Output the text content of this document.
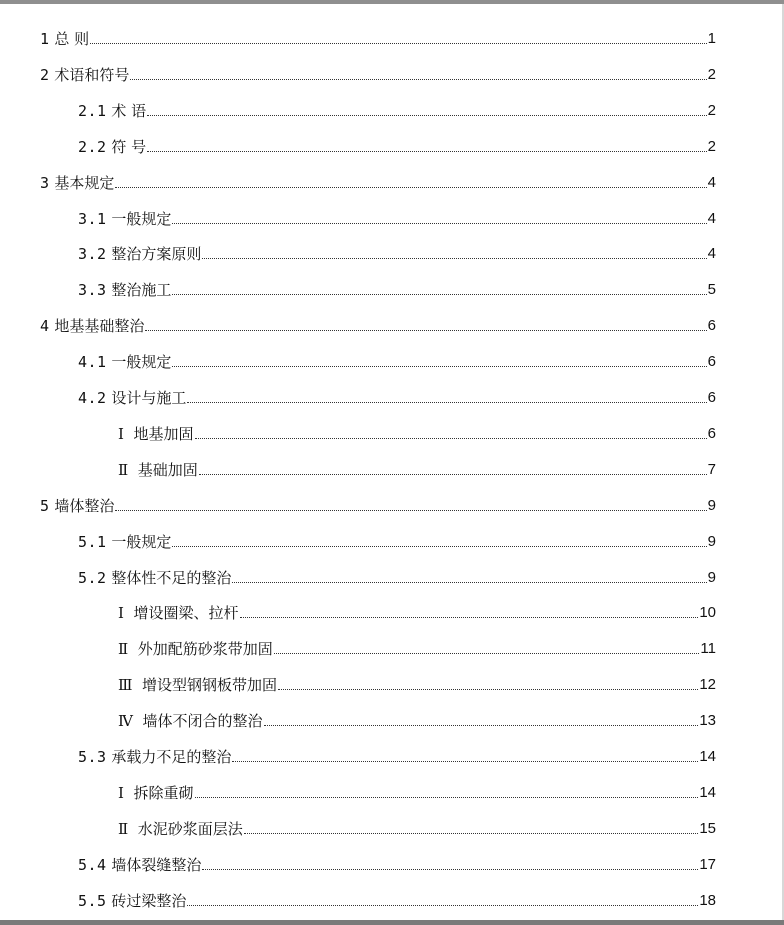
1 总 则	1
2 术语和符号	2
2.1 术 语	2
2.2 符 号	2
3 基本规定	4
3.1 一般规定	4
3.2 整治方案原则	4
3.3 整治施工	5
4 地基基础整治	6
4.1 一般规定	6
4.2 设计与施工	6
Ⅰ 地基加固	6
Ⅱ 基础加固	7
5 墙体整治	9
5.1 一般规定	9
5.2 整体性不足的整治	9
Ⅰ 增设圈梁、拉杆	10
Ⅱ 外加配筋砂浆带加固	11
Ⅲ 增设型钢钢板带加固	12
Ⅳ 墙体不闭合的整治	13
5.3 承载力不足的整治	14
Ⅰ 拆除重砌	14
Ⅱ 水泥砂浆面层法	15
5.4 墙体裂缝整治	17
5.5 砖过梁整治	18
